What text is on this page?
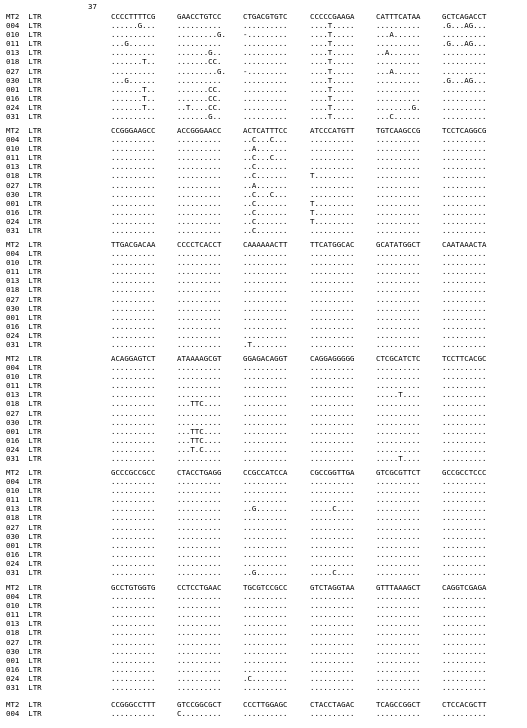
37
MT2  LTR	CCCCTTTTCG	GAACCTGTCC	CTGACGTGTC	CCCCCGAAGA	CATTTCATAA	GCTCAGACCT
004  LTR	......G...	..........	..........	....T.....	..........	.G...AG...
010  LTR	..........	.........G.	-.........	....T.....	...A......	..........
011  LTR	...G......	..........	..........	....T.....	..........	.G...AG...
013  LTR	..........	.......G..	..........	....T.....	..A.......	..........
018  LTR	.......T..	.......CC.	..........	....T.....	..........	..........
027  LTR	..........	.........G.	-.........	....T.....	...A......	..........
030  LTR	...G......	..........	..........	....T.....	..........	.G...AG...
001  LTR	.......T..	.......CC.	..........	....T.....	..........	..........
016  LTR	.......T..	.......CC.	..........	....T.....	..........	..........
024  LTR	.......T..	..T....CC.	..........	....T.....	........G.	..........
031  LTR	..........	.......G..	..........	....T.....	...C......	..........
MT2  LTR	CCGGGAAGCC	ACCGGGAACC	ACTCATTTCC	ATCCCATGTT	TGTCAAGCCG	TCCTCAGGCG
004  LTR	..........	..........	..C...C...	..........	..........	..........
010  LTR	..........	..........	..A.......	..........	..........	..........
011  LTR	..........	..........	..C...C...	..........	..........	..........
013  LTR	..........	..........	..C.......	..........	..........	..........
018  LTR	..........	..........	..C.......	T.........	..........	..........
027  LTR	..........	..........	..A.......	..........	..........	..........
030  LTR	..........	..........	..C...C...	..........	..........	..........
001  LTR	..........	..........	..C.......	T.........	..........	..........
016  LTR	..........	..........	..C.......	T.........	..........	..........
024  LTR	..........	..........	..C.......	T.........	..........	..........
031  LTR	..........	..........	..C.......	..........	..........	..........
MT2  LTR	TTGACGACAA	CCCCTCACCT	CAAAAAACTT	TTCATGGCAC	GCATATGGCT	CAATAAACTA
004  LTR	..........	..........	..........	..........	..........	..........
010  LTR	..........	..........	..........	..........	..........	..........
011  LTR	..........	..........	..........	..........	..........	..........
013  LTR	..........	..........	..........	..........	..........	..........
018  LTR	..........	..........	..........	..........	..........	..........
027  LTR	..........	..........	..........	..........	..........	..........
030  LTR	..........	..........	..........	..........	..........	..........
001  LTR	..........	..........	..........	..........	..........	..........
016  LTR	..........	..........	..........	..........	..........	..........
024  LTR	..........	..........	..........	..........	..........	..........
031  LTR	..........	..........	.T........	..........	..........	..........
MT2  LTR	ACAGGAGTCT	ATAAAAGCGT	GGAGACAGGT	CAGGAGGGGG	CTCGCATCTC	TCCTTCACGC
004  LTR	..........	..........	..........	..........	..........	..........
010  LTR	..........	..........	..........	..........	..........	..........
011  LTR	..........	..........	..........	..........	..........	..........
013  LTR	..........	..........	..........	..........	.....T....	..........
018  LTR	..........	...TTC....	..........	..........	..........	..........
027  LTR	..........	..........	..........	..........	..........	..........
030  LTR	..........	..........	..........	..........	..........	..........
001  LTR	..........	...TTC....	..........	..........	..........	..........
016  LTR	..........	...TTC....	..........	..........	..........	..........
024  LTR	..........	...T.C....	..........	..........	..........	..........
031  LTR	..........	..........	..........	..........	.....T....	..........
MT2  LTR	GCCCGCCGCC	CTACCTGAGG	CCGCCATCCA	CGCCGGTTGA	GTCGCGTTCT	GCCGCCTCCC
004  LTR	..........	..........	..........	..........	..........	..........
010  LTR	..........	..........	..........	..........	..........	..........
011  LTR	..........	..........	..........	..........	..........	..........
013  LTR	..........	..........	..G.......	.....C....	..........	..........
018  LTR	..........	..........	..........	..........	..........	..........
027  LTR	..........	..........	..........	..........	..........	..........
030  LTR	..........	..........	..........	..........	..........	..........
001  LTR	..........	..........	..........	..........	..........	..........
016  LTR	..........	..........	..........	..........	..........	..........
024  LTR	..........	..........	..........	..........	..........	..........
031  LTR	..........	..........	..G.......	.....C....	..........	..........
MT2  LTR	GCCTGTGGTG	CCTCCTGAAC	TGCGTCCGCC	GTCTAGGTAA	GTTTAAAGCT	CAGGTCGAGA
004  LTR	..........	..........	..........	..........	..........	..........
010  LTR	..........	..........	..........	..........	..........	..........
011  LTR	..........	..........	..........	..........	..........	..........
013  LTR	..........	..........	..........	..........	..........	..........
018  LTR	..........	..........	..........	..........	..........	..........
027  LTR	..........	..........	..........	..........	..........	..........
030  LTR	..........	..........	..........	..........	..........	..........
001  LTR	..........	..........	..........	..........	..........	..........
016  LTR	..........	..........	..........	..........	..........	..........
024  LTR	..........	..........	.C........	..........	..........	..........
031  LTR	..........	..........	..........	..........	..........	..........
MT2  LTR	CCGGGCCTTT	GTCCGGCGCT	CCCTTGGAGC	CTACCTAGAC	TCAGCCGGCT	CTCCACGCTT
004  LTR	..........	C.........	..........	..........	..........	..........
